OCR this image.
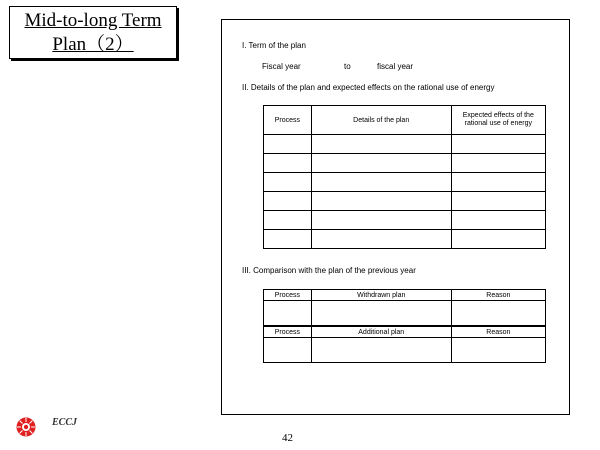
Mid-to-long Term
Plan（2）	I. Term of the plan
Fiscal year	to	fiscal year
II. Details of the plan and expected effects on the rational use of energy
Process	Details of the plan	Expected effects of the rational use of energy

III. Comparison with the plan of the previous year
Process	Withdrawn plan	Reason

Process	Additional plan	Reason

ECCJ
42
